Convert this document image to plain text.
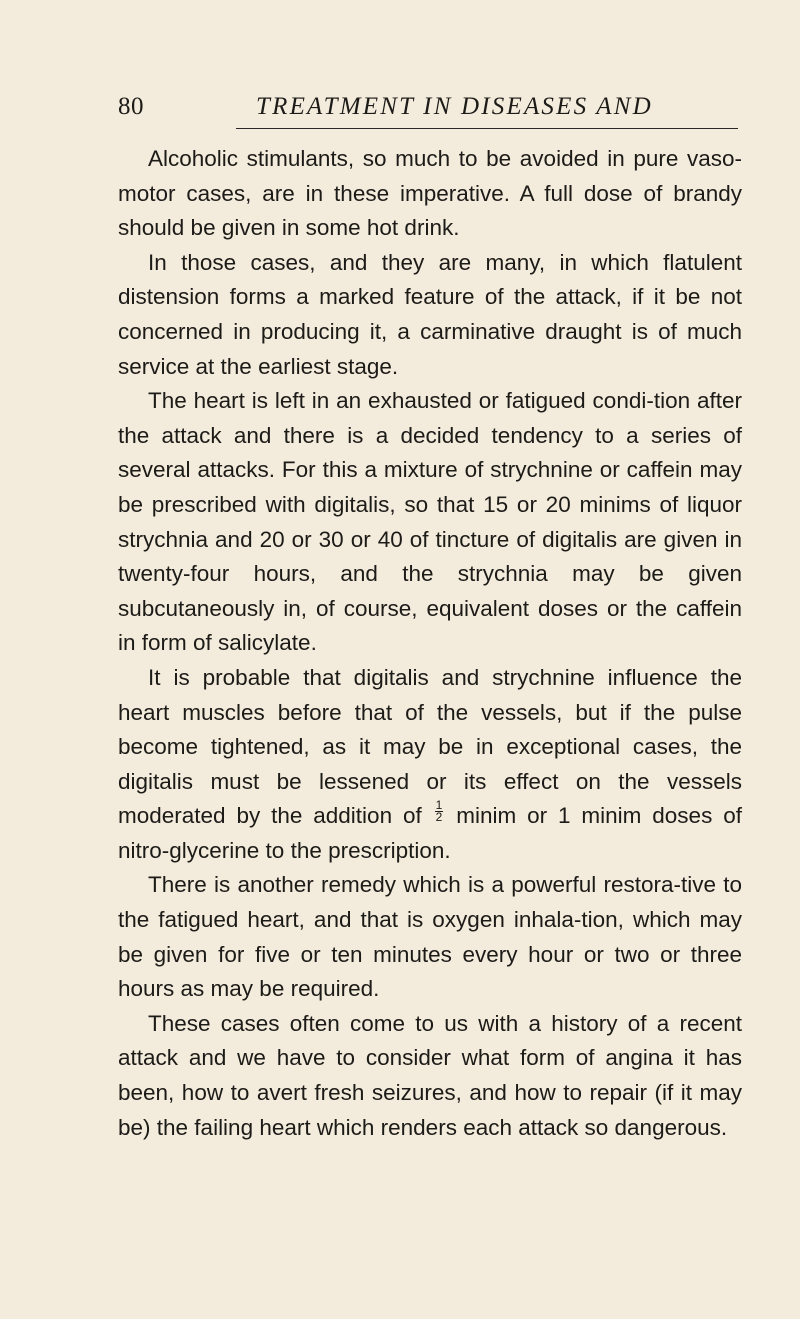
80	TREATMENT IN DISEASES AND

Alcoholic stimulants, so much to be avoided in pure vaso-motor cases, are in these imperative. A full dose of brandy should be given in some hot drink.

In those cases, and they are many, in which flatulent distension forms a marked feature of the attack, if it be not concerned in producing it, a carminative draught is of much service at the earliest stage.

The heart is left in an exhausted or fatigued condi-tion after the attack and there is a decided tendency to a series of several attacks. For this a mixture of strychnine or caffein may be prescribed with digitalis, so that 15 or 20 minims of liquor strychnia and 20 or 30 or 40 of tincture of digitalis are given in twenty-four hours, and the strychnia may be given subcutaneously in, of course, equivalent doses or the caffein in form of salicylate.

It is probable that digitalis and strychnine influence the heart muscles before that of the vessels, but if the pulse become tightened, as it may be in exceptional cases, the digitalis must be lessened or its effect on the vessels moderated by the addition of $\frac{1}{2}$ minim or 1 minim doses of nitro-glycerine to the prescription.

There is another remedy which is a powerful restora-tive to the fatigued heart, and that is oxygen inhala-tion, which may be given for five or ten minutes every hour or two or three hours as may be required.

These cases often come to us with a history of a recent attack and we have to consider what form of angina it has been, how to avert fresh seizures, and how to repair (if it may be) the failing heart which renders each attack so dangerous.
